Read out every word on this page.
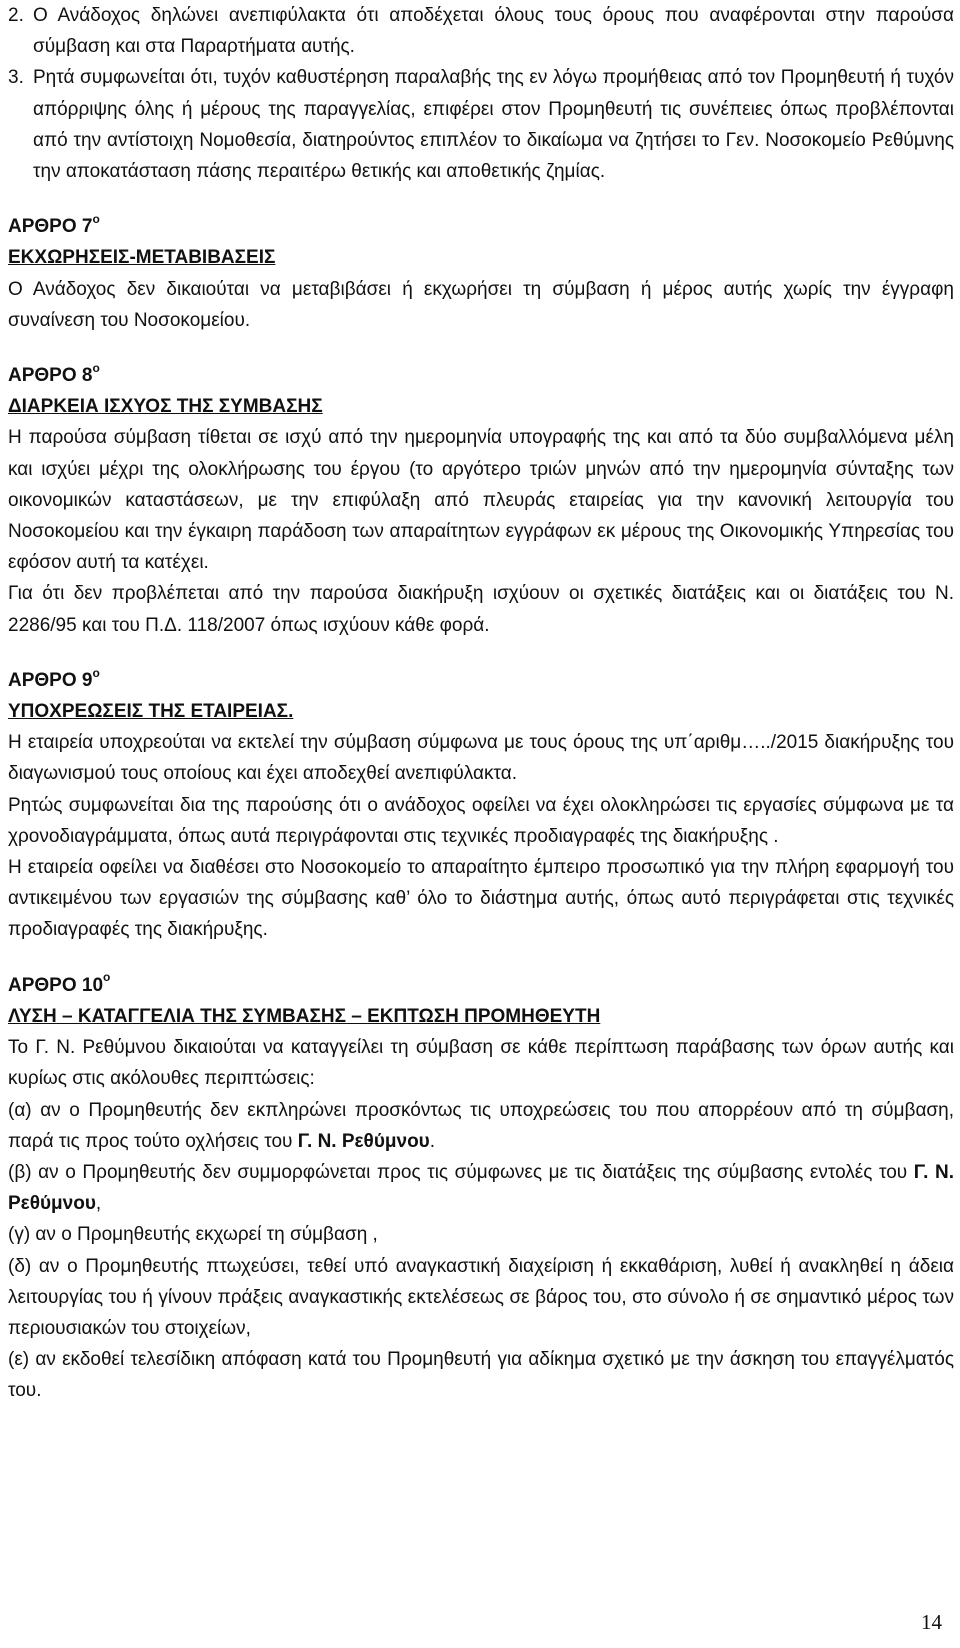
2. Ο Ανάδοχος δηλώνει ανεπιφύλακτα ότι αποδέχεται όλους τους όρους που αναφέρονται στην παρούσα σύμβαση και στα Παραρτήματα αυτής.

3. Ρητά συμφωνείται ότι, τυχόν καθυστέρηση παραλαβής της εν λόγω προμήθειας από τον Προμηθευτή ή τυχόν απόρριψης όλης ή μέρους της παραγγελίας, επιφέρει στον Προμηθευτή τις συνέπειες όπως προβλέπονται από την αντίστοιχη Νομοθεσία, διατηρούντος επιπλέον το δικαίωμα να ζητήσει το Γεν. Νοσοκομείο Ρεθύμνης την αποκατάσταση πάσης περαιτέρω θετικής και αποθετικής ζημίας.

ΑΡΘΡΟ $7^o$
ΕΚΧΩΡΗΣΕΙΣ-ΜΕΤΑΒΙΒΑΣΕΙΣ

Ο Ανάδοχος δεν δικαιούται να μεταβιβάσει ή εκχωρήσει τη σύμβαση ή μέρος αυτής χωρίς την έγγραφη συναίνεση του Νοσοκομείου.

ΑΡΘΡΟ $8^o$
ΔΙΑΡΚΕΙΑ ΙΣΧΥΟΣ ΤΗΣ ΣΥΜΒΑΣΗΣ

Η παρούσα σύμβαση τίθεται σε ισχύ από την ημερομηνία υπογραφής της και από τα δύο συμβαλλόμενα μέλη και ισχύει μέχρι της ολοκλήρωσης του έργου (το αργότερο τριών μηνών από την ημερομηνία σύνταξης των οικονομικών καταστάσεων, με την επιφύλαξη από πλευράς εταιρείας για την κανονική λειτουργία του Νοσοκομείου και την έγκαιρη παράδοση των απαραίτητων εγγράφων εκ μέρους της Οικονομικής Υπηρεσίας του εφόσον αυτή τα κατέχει.

Για ότι δεν προβλέπεται από την παρούσα διακήρυξη ισχύουν οι σχετικές διατάξεις και οι διατάξεις του Ν. 2286/95 και του Π.Δ. 118/2007 όπως ισχύουν κάθε φορά.

ΑΡΘΡΟ $9^o$
ΥΠΟΧΡΕΩΣΕΙΣ ΤΗΣ ΕΤΑΙΡΕΙΑΣ.

Η εταιρεία υποχρεούται να εκτελεί την σύμβαση σύμφωνα με τους όρους της υπ΄αριθμ…../2015 διακήρυξης του διαγωνισμού τους οποίους και έχει αποδεχθεί ανεπιφύλακτα.

Ρητώς συμφωνείται δια της παρούσης ότι ο ανάδοχος οφείλει να έχει ολοκληρώσει τις εργασίες σύμφωνα με τα χρονοδιαγράμματα, όπως αυτά περιγράφονται στις τεχνικές προδιαγραφές της διακήρυξης .

Η εταιρεία οφείλει να διαθέσει στο Νοσοκομείο το απαραίτητο έμπειρο προσωπικό για την πλήρη εφαρμογή του αντικειμένου των εργασιών της σύμβασης καθ’ όλο το διάστημα αυτής, όπως αυτό περιγράφεται στις τεχνικές προδιαγραφές της διακήρυξης.

ΑΡΘΡΟ $10^o$
ΛΥΣΗ – ΚΑΤΑΓΓΕΛΙΑ ΤΗΣ ΣΥΜΒΑΣΗΣ – ΕΚΠΤΩΣΗ ΠΡΟΜΗΘΕΥΤΗ

Το Γ. Ν. Ρεθύμνου δικαιούται να καταγγείλει τη σύμβαση σε κάθε περίπτωση παράβασης των όρων αυτής και κυρίως στις ακόλουθες περιπτώσεις:

(α) αν ο Προμηθευτής δεν εκπληρώνει προσκόντως τις υποχρεώσεις του που απορρέουν από τη σύμβαση, παρά τις προς τούτο οχλήσεις του Γ. Ν. Ρεθύμνου.

(β) αν ο Προμηθευτής δεν συμμορφώνεται προς τις σύμφωνες με τις διατάξεις της σύμβασης εντολές του Γ. Ν. Ρεθύμνου,

(γ) αν ο Προμηθευτής εκχωρεί τη σύμβαση ,

(δ) αν ο Προμηθευτής πτωχεύσει, τεθεί υπό αναγκαστική διαχείριση ή εκκαθάριση, λυθεί ή ανακληθεί η άδεια λειτουργίας του ή γίνουν πράξεις αναγκαστικής εκτελέσεως σε βάρος του, στο σύνολο ή σε σημαντικό μέρος των περιουσιακών του στοιχείων,

(ε) αν εκδοθεί τελεσίδικη απόφαση κατά του Προμηθευτή για αδίκημα σχετικό με την άσκηση του επαγγέλματός του.

14
